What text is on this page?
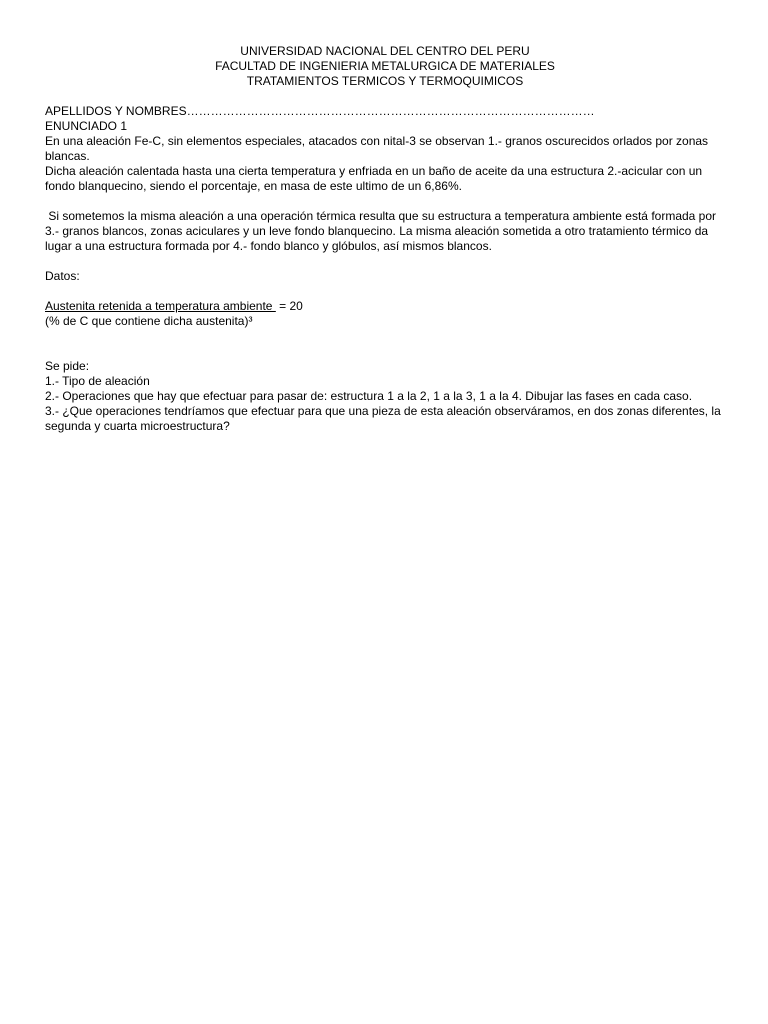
UNIVERSIDAD NACIONAL DEL CENTRO DEL PERU
FACULTAD DE INGENIERIA METALURGICA DE MATERIALES
TRATAMIENTOS TERMICOS Y TERMOQUIMICOS

APELLIDOS Y NOMBRES…………………………………………………………………………………………

ENUNCIADO 1

En una aleación Fe-C, sin elementos especiales, atacados con nital-3 se observan 1.- granos oscurecidos orlados por zonas blancas.

Dicha aleación calentada hasta una cierta temperatura y enfriada en un baño de aceite da una estructura 2.-acicular con un fondo blanquecino, siendo el porcentaje, en masa de este ultimo de un 6,86%.

Si sometemos la misma aleación a una operación térmica resulta que su estructura a temperatura ambiente está formada por 3.- granos blancos, zonas aciculares y un leve fondo blanquecino. La misma aleación sometida a otro tratamiento térmico da lugar a una estructura formada por 4.- fondo blanco y glóbulos, así mismos blancos.

Datos:

Austenita retenida a temperatura ambiente  = 20

(% de C que contiene dicha austenita)³

Se pide:

1.- Tipo de aleación

2.- Operaciones que hay que efectuar para pasar de: estructura 1 a la 2, 1 a la 3, 1 a la 4. Dibujar las fases en cada caso.

3.- ¿Que operaciones tendríamos que efectuar para que una pieza de esta aleación observáramos, en dos zonas diferentes, la segunda y cuarta microestructura?
